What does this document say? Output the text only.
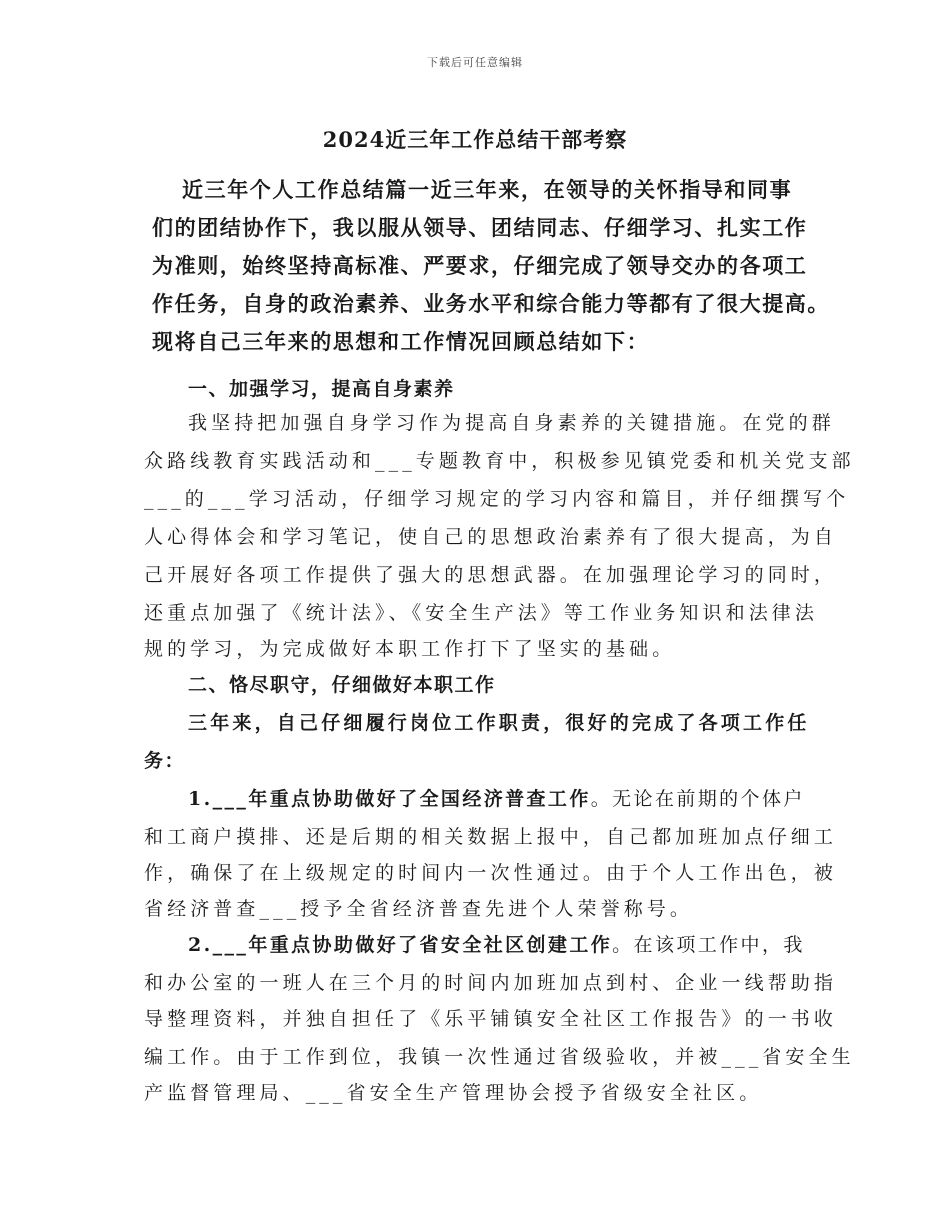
下载后可任意编辑
2024近三年工作总结干部考察
近三年个人工作总结篇一近三年来，在领导的关怀指导和同事
们的团结协作下，我以服从领导、团结同志、仔细学习、扎实工作
为准则，始终坚持高标准、严要求，仔细完成了领导交办的各项工
作任务，自身的政治素养、业务水平和综合能力等都有了很大提高。
现将自己三年来的思想和工作情况回顾总结如下：
一、加强学习，提高自身素养
我坚持把加强自身学习作为提高自身素养的关键措施。在党的群
众路线教育实践活动和___专题教育中，积极参见镇党委和机关党支部
___的___学习活动，仔细学习规定的学习内容和篇目，并仔细撰写个
人心得体会和学习笔记，使自己的思想政治素养有了很大提高，为自
己开展好各项工作提供了强大的思想武器。在加强理论学习的同时，
还重点加强了《统计法》、《安全生产法》等工作业务知识和法律法
规的学习，为完成做好本职工作打下了坚实的基础。
二、恪尽职守，仔细做好本职工作
三年来，自己仔细履行岗位工作职责，很好的完成了各项工作任
务：
1.___年重点协助做好了全国经济普查工作。无论在前期的个体户
和工商户摸排、还是后期的相关数据上报中，自己都加班加点仔细工
作，确保了在上级规定的时间内一次性通过。由于个人工作出色，被
省经济普查___授予全省经济普查先进个人荣誉称号。
2.___年重点协助做好了省安全社区创建工作。在该项工作中，我
和办公室的一班人在三个月的时间内加班加点到村、企业一线帮助指
导整理资料，并独自担任了《乐平铺镇安全社区工作报告》的一书收
编工作。由于工作到位，我镇一次性通过省级验收，并被___省安全生
产监督管理局、___省安全生产管理协会授予省级安全社区。
